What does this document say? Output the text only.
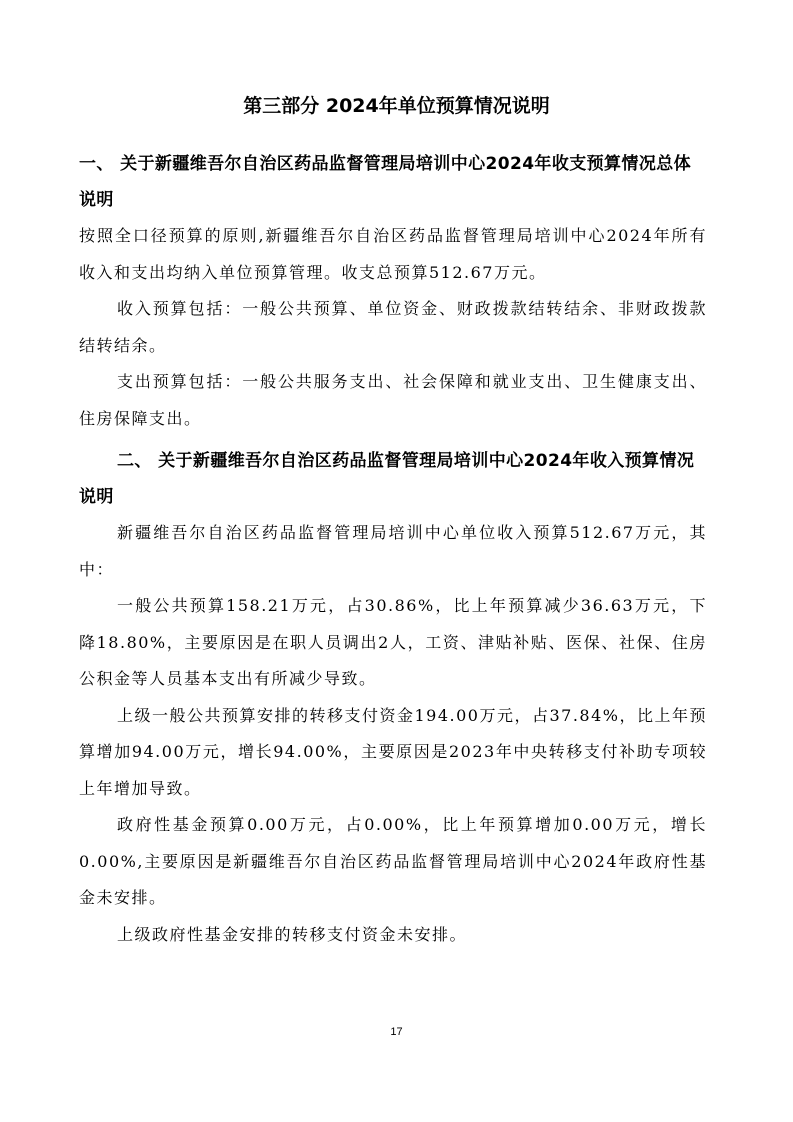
第三部分 2024年单位预算情况说明
一、 关于新疆维吾尔自治区药品监督管理局培训中心2024年收支预算情况总体说明

按照全口径预算的原则,新疆维吾尔自治区药品监督管理局培训中心2024年所有收入和支出均纳入单位预算管理。收支总预算512.67万元。

收入预算包括：一般公共预算、单位资金、财政拨款结转结余、非财政拨款结转结余。

支出预算包括：一般公共服务支出、社会保障和就业支出、卫生健康支出、住房保障支出。

二、 关于新疆维吾尔自治区药品监督管理局培训中心2024年收入预算情况说明

新疆维吾尔自治区药品监督管理局培训中心单位收入预算512.67万元，其中：

一般公共预算158.21万元，占30.86%，比上年预算减少36.63万元，下降18.80%，主要原因是在职人员调出2人，工资、津贴补贴、医保、社保、住房公积金等人员基本支出有所减少导致。

上级一般公共预算安排的转移支付资金194.00万元，占37.84%，比上年预算增加94.00万元，增长94.00%，主要原因是2023年中央转移支付补助专项较上年增加导致。

政府性基金预算0.00万元，占0.00%，比上年预算增加0.00万元，增长0.00%,主要原因是新疆维吾尔自治区药品监督管理局培训中心2024年政府性基金未安排。

上级政府性基金安排的转移支付资金未安排。

17
